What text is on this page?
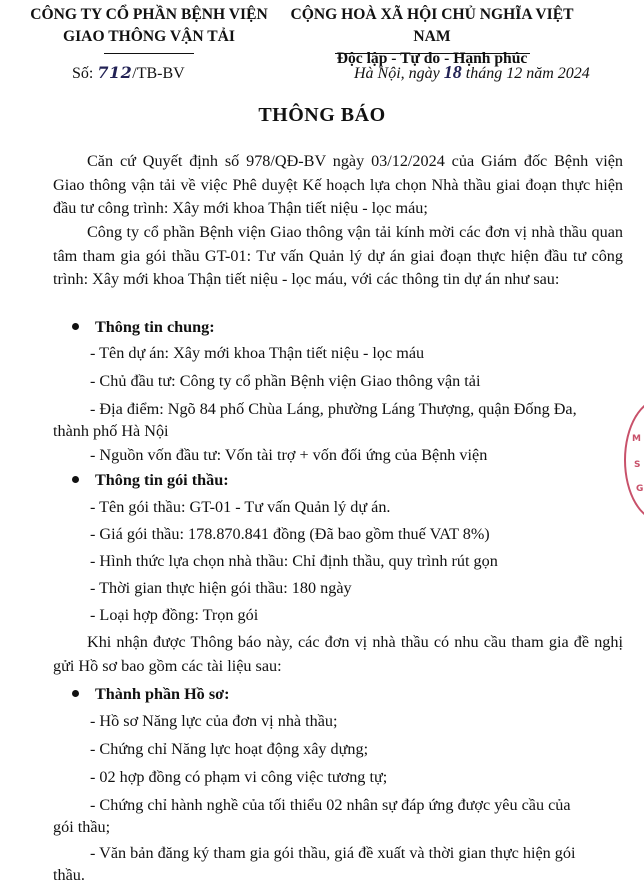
CÔNG TY CỔ PHẦN BỆNH VIỆN
GIAO THÔNG VẬN TẢI
CỘNG HOÀ XÃ HỘI CHỦ NGHĨA VIỆT NAM
Độc lập - Tự do - Hạnh phúc
Số: 712/TB-BV	Hà Nội, ngày 18 tháng 12 năm 2024
THÔNG BÁO
Căn cứ Quyết định số 978/QĐ-BV ngày 03/12/2024 của Giám đốc Bệnh viện Giao thông vận tải về việc Phê duyệt Kế hoạch lựa chọn Nhà thầu giai đoạn thực hiện đầu tư công trình: Xây mới khoa Thận tiết niệu - lọc máu;
Công ty cổ phần Bệnh viện Giao thông vận tải kính mời các đơn vị nhà thầu quan tâm tham gia gói thầu GT-01: Tư vấn Quản lý dự án giai đoạn thực hiện đầu tư công trình: Xây mới khoa Thận tiết niệu - lọc máu, với các thông tin dự án như sau:
Thông tin chung:
- Tên dự án: Xây mới khoa Thận tiết niệu - lọc máu
- Chủ đầu tư: Công ty cổ phần Bệnh viện Giao thông vận tải
- Địa điểm: Ngõ 84 phố Chùa Láng, phường Láng Thượng, quận Đống Đa,
thành phố Hà Nội
- Nguồn vốn đầu tư: Vốn tài trợ + vốn đối ứng của Bệnh viện
Thông tin gói thầu:
- Tên gói thầu: GT-01 - Tư vấn Quản lý dự án.
- Giá gói thầu: 178.870.841 đồng (Đã bao gồm thuế VAT 8%)
- Hình thức lựa chọn nhà thầu: Chỉ định thầu, quy trình rút gọn
- Thời gian thực hiện gói thầu: 180 ngày
- Loại hợp đồng: Trọn gói
Khi nhận được Thông báo này, các đơn vị nhà thầu có nhu cầu tham gia đề nghị gửi Hồ sơ bao gồm các tài liệu sau:
Thành phần Hồ sơ:
- Hồ sơ Năng lực của đơn vị nhà thầu;
- Chứng chỉ Năng lực hoạt động xây dựng;
- 02 hợp đồng có phạm vi công việc tương tự;
- Chứng chỉ hành nghề của tối thiểu 02 nhân sự đáp ứng được yêu cầu của
gói thầu;
- Văn bản đăng ký tham gia gói thầu, giá đề xuất và thời gian thực hiện gói
thầu.
M
S
G
